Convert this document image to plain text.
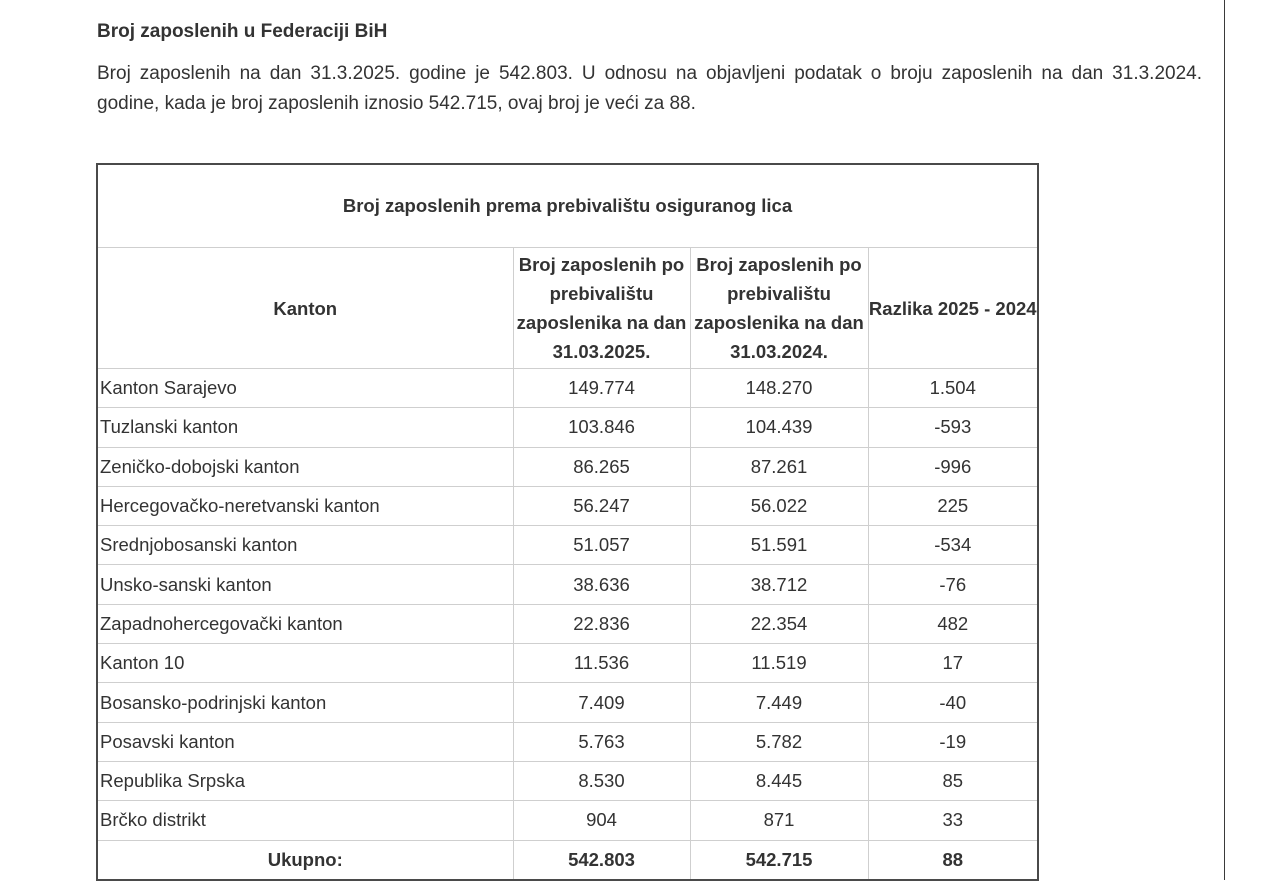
Broj zaposlenih u Federaciji BiH

Broj zaposlenih na dan 31.3.2025. godine je 542.803. U odnosu na objavljeni podatak o broju zaposlenih na dan 31.3.2024. godine, kada je broj zaposlenih iznosio 542.715, ovaj broj je veći za 88.

Broj zaposlenih prema prebivalištu osiguranog lica			
Kanton	Broj zaposlenih po prebivalištu zaposlenika na dan 31.03.2025.	Broj zaposlenih po prebivalištu zaposlenika na dan 31.03.2024.	Razlika 2025 - 2024
Kanton Sarajevo	149.774	148.270	1.504
Tuzlanski kanton	103.846	104.439	-593
Zeničko-dobojski kanton	86.265	87.261	-996
Hercegovačko-neretvanski kanton	56.247	56.022	225
Srednjobosanski kanton	51.057	51.591	-534
Unsko-sanski kanton	38.636	38.712	-76
Zapadnohercegovački kanton	22.836	22.354	482
Kanton 10	11.536	11.519	17
Bosansko-podrinjski kanton	7.409	7.449	-40
Posavski kanton	5.763	5.782	-19
Republika Srpska	8.530	8.445	85
Brčko distrikt	904	871	33
Ukupno:	542.803	542.715	88
